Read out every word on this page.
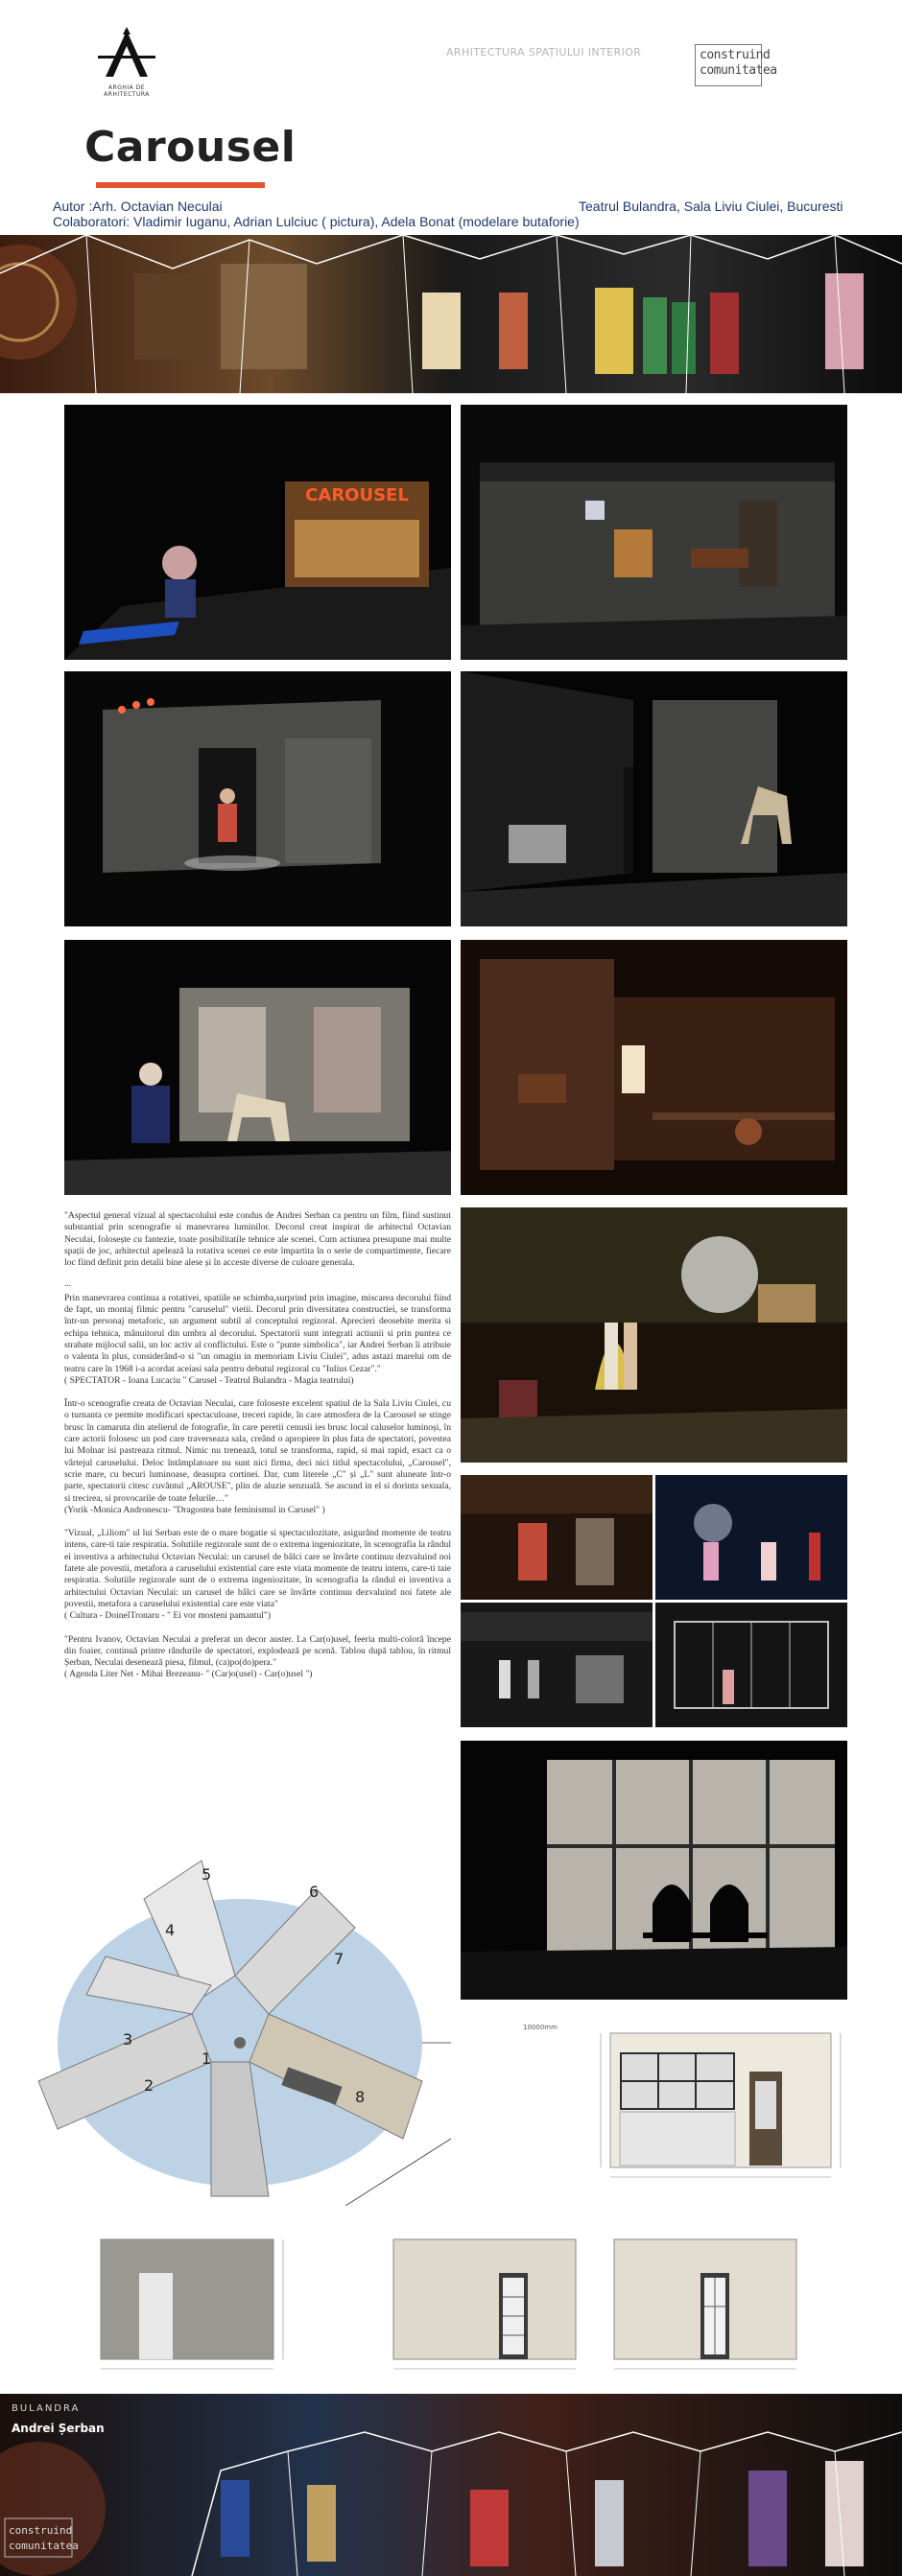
ARGHIA DE ARHITECTURA
ARHITECTURA SPAȚIULUI INTERIOR	construind
comunitatea
Carousel
Autor :Arh. Octavian Neculai	Teatrul Bulandra, Sala Liviu Ciulei, Bucuresti
Colaboratori: Vladimir Iuganu, Adrian Lulciuc ( pictura), Adela Bonat (modelare butaforie)
CAROUSEL

"Aspectul general vizual al spectacolului este condus de Andrei Serban ca pentru un film, fiind sustinut substantial prin scenografie si manevrarea luminilor. Decorul creat inspirat de arhitectul Octavian Neculai, folosește cu fantezie, toate posibilitatile tehnice ale scenei. Cum actiunea presupune mai multe spații de joc, arhitectul apelează la rotativa scenei ce este împartita în o serie de compartimente, fiecare loc fiind definit prin detalii bine alese și în acceste diverse de culoare generala.

...

Prin manevrarea continua a rotativei, spatiile se schimba,surprind prin imagine, miscarea decorului fiind de fapt, un montaj filmic pentru "caruselul" vietii. Decorul prin diversitatea constructiei, se transforma într-un personaj metaforic, un argument subtil al conceptului regizoral. Aprecieri deosebite merita si echipa tehnica, mânuitorul din umbra al decorului. Spectatorii sunt integrati actiunii si prin puntea ce strabate mijlocul salii, un loc activ al conflictului. Este o "punte simbolica", iar Andrei Serban îi atribuie o valenta în plus, considerând-o si "un omagiu in memoriam Liviu Ciulei", adus astazi marelui om de teatru care în 1968 i-a acordat aceiasi sala pentru debutul regizoral cu "Iulius Cezar"."

( SPECTATOR - Ioana Lucaciu " Carusel - Teatrul Bulandra - Magia teatrului)

Într-o scenografie creata de Octavian Neculai, care foloseste excelent spatiul de la Sala Liviu Ciulei, cu o turnanta ce permite modificari spectaculoase, treceri rapide, în care atmosfera de la Carousel se stinge brusc în camaruta din atelierul de fotografie, în care peretii cenusii ies brusc local caluselor luminoși, în care actorii folosesc un pod care traverseaza sala, creând o apropiere în plus fata de spectatori, povestea lui Molnar isi pastreaza ritmul. Nimic nu trenează, totul se transforma, rapid, si mai rapid, exact ca o vârtejul caruselului. Deloc întâmplatoare nu sunt nici firma, deci nici titlul spectacolului, „Carousel", scrie mare, cu becuri luminoase, deasupra cortinei. Dar, cum literele „C" și „L" sunt aluneate într-o parte, spectatorii citesc cuvântul „AROUSE", plin de aluzie senzuală. Se ascund in el si dorinta sexuala, si trecirea, si provocarile de toate felurile…"

(Yorik -Monica Andronescu- "Dragostea bate feminismul in Carusel" )

"Vizual, „Liliom" ul lui Serban este de o mare bogatie si spectaculozitate, asigurând momente de teatru intens, care-ti taie respiratia. Solutiile regizorale sunt de o extrema ingeniozitate, în scenografia la rândul ei inventiva a arhitectului Octavian Neculai: un carusel de bâlci care se învârte continuu dezvaluind noi fatete ale povestii, metafora a caruselului existential care este viata momente de teatru intens, care-ti taie respiratia. Solutiile regizorale sunt de o extrema ingeniozitate, în scenografia la rândul ei inventiva a arhitectului Octavian Neculai: un carusel de bâlci care se învârte continuu dezvaluind noi fatete ale povestii, metafora a caruselului existential care este viata"

( Cultura - DoinelTronaru - " Ei vor mosteni pamantul")

"Pentru Ivanov, Octavian Neculai a preferat un decor auster. La Car(o)usel, feeria multi-colorâ începe din foaier, continuă printre rândurile de spectatori, explodează pe scenă. Tablou după tablou, în ritmul Șerban, Neculai desenează piesa, filmul, (ca)po(do)pera."

( Agenda Liter Net - Mihai Brezeanu- " (Car)o(usel) - Car(o)usel ")

1
2
3
4
5
6
7
8
10000mm
BULANDRA
Andrei Șerban
construind
comunitatea
